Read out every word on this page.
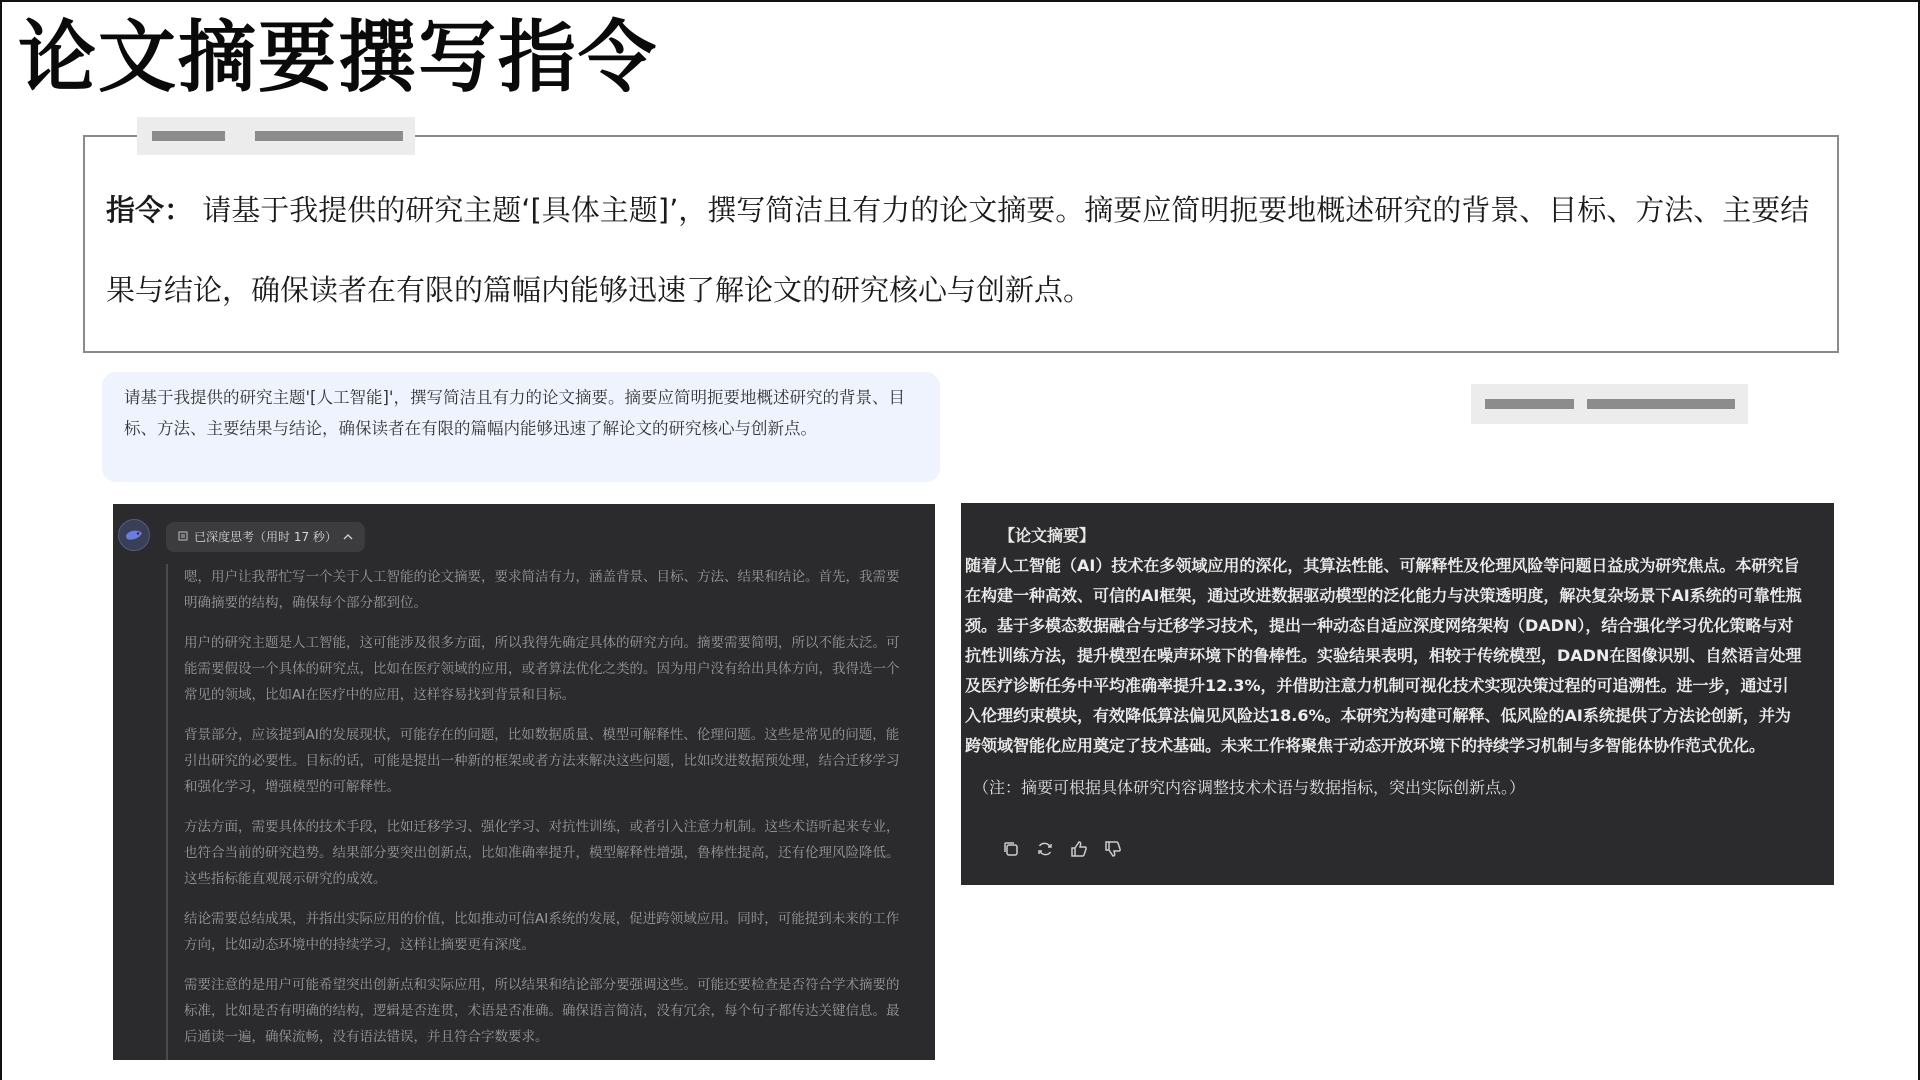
论文摘要撰写指令
指令： 请基于我提供的研究主题‘[具体主题]’，撰写简洁且有力的论文摘要。摘要应简明扼要地概述研究的背景、目标、方法、主要结果与结论，确保读者在有限的篇幅内能够迅速了解论文的研究核心与创新点。
请基于我提供的研究主题'[人工智能]'，撰写简洁且有力的论文摘要。摘要应简明扼要地概述研究的背景、目标、方法、主要结果与结论，确保读者在有限的篇幅内能够迅速了解论文的研究核心与创新点。
已深度思考（用时 17 秒）

嗯，用户让我帮忙写一个关于人工智能的论文摘要，要求简洁有力，涵盖背景、目标、方法、结果和结论。首先，我需要明确摘要的结构，确保每个部分都到位。

用户的研究主题是人工智能，这可能涉及很多方面，所以我得先确定具体的研究方向。摘要需要简明，所以不能太泛。可能需要假设一个具体的研究点，比如在医疗领域的应用，或者算法优化之类的。因为用户没有给出具体方向，我得选一个常见的领域，比如AI在医疗中的应用，这样容易找到背景和目标。

背景部分，应该提到AI的发展现状，可能存在的问题，比如数据质量、模型可解释性、伦理问题。这些是常见的问题，能引出研究的必要性。目标的话，可能是提出一种新的框架或者方法来解决这些问题，比如改进数据预处理，结合迁移学习和强化学习，增强模型的可解释性。

方法方面，需要具体的技术手段，比如迁移学习、强化学习、对抗性训练，或者引入注意力机制。这些术语听起来专业，也符合当前的研究趋势。结果部分要突出创新点，比如准确率提升，模型解释性增强，鲁棒性提高，还有伦理风险降低。这些指标能直观展示研究的成效。

结论需要总结成果，并指出实际应用的价值，比如推动可信AI系统的发展，促进跨领域应用。同时，可能提到未来的工作方向，比如动态环境中的持续学习，这样让摘要更有深度。

需要注意的是用户可能希望突出创新点和实际应用，所以结果和结论部分要强调这些。可能还要检查是否符合学术摘要的标准，比如是否有明确的结构，逻辑是否连贯，术语是否准确。确保语言简洁，没有冗余，每个句子都传达关键信息。最后通读一遍，确保流畅，没有语法错误，并且符合字数要求。

【论文摘要】
随着人工智能（AI）技术在多领域应用的深化，其算法性能、可解释性及伦理风险等问题日益成为研究焦点。本研究旨在构建一种高效、可信的AI框架，通过改进数据驱动模型的泛化能力与决策透明度，解决复杂场景下AI系统的可靠性瓶颈。基于多模态数据融合与迁移学习技术，提出一种动态自适应深度网络架构（DADN），结合强化学习优化策略与对抗性训练方法，提升模型在噪声环境下的鲁棒性。实验结果表明，相较于传统模型，DADN在图像识别、自然语言处理及医疗诊断任务中平均准确率提升12.3%，并借助注意力机制可视化技术实现决策过程的可追溯性。进一步，通过引入伦理约束模块，有效降低算法偏见风险达18.6%。本研究为构建可解释、低风险的AI系统提供了方法论创新，并为跨领域智能化应用奠定了技术基础。未来工作将聚焦于动态开放环境下的持续学习机制与多智能体协作范式优化。
（注：摘要可根据具体研究内容调整技术术语与数据指标，突出实际创新点。）
